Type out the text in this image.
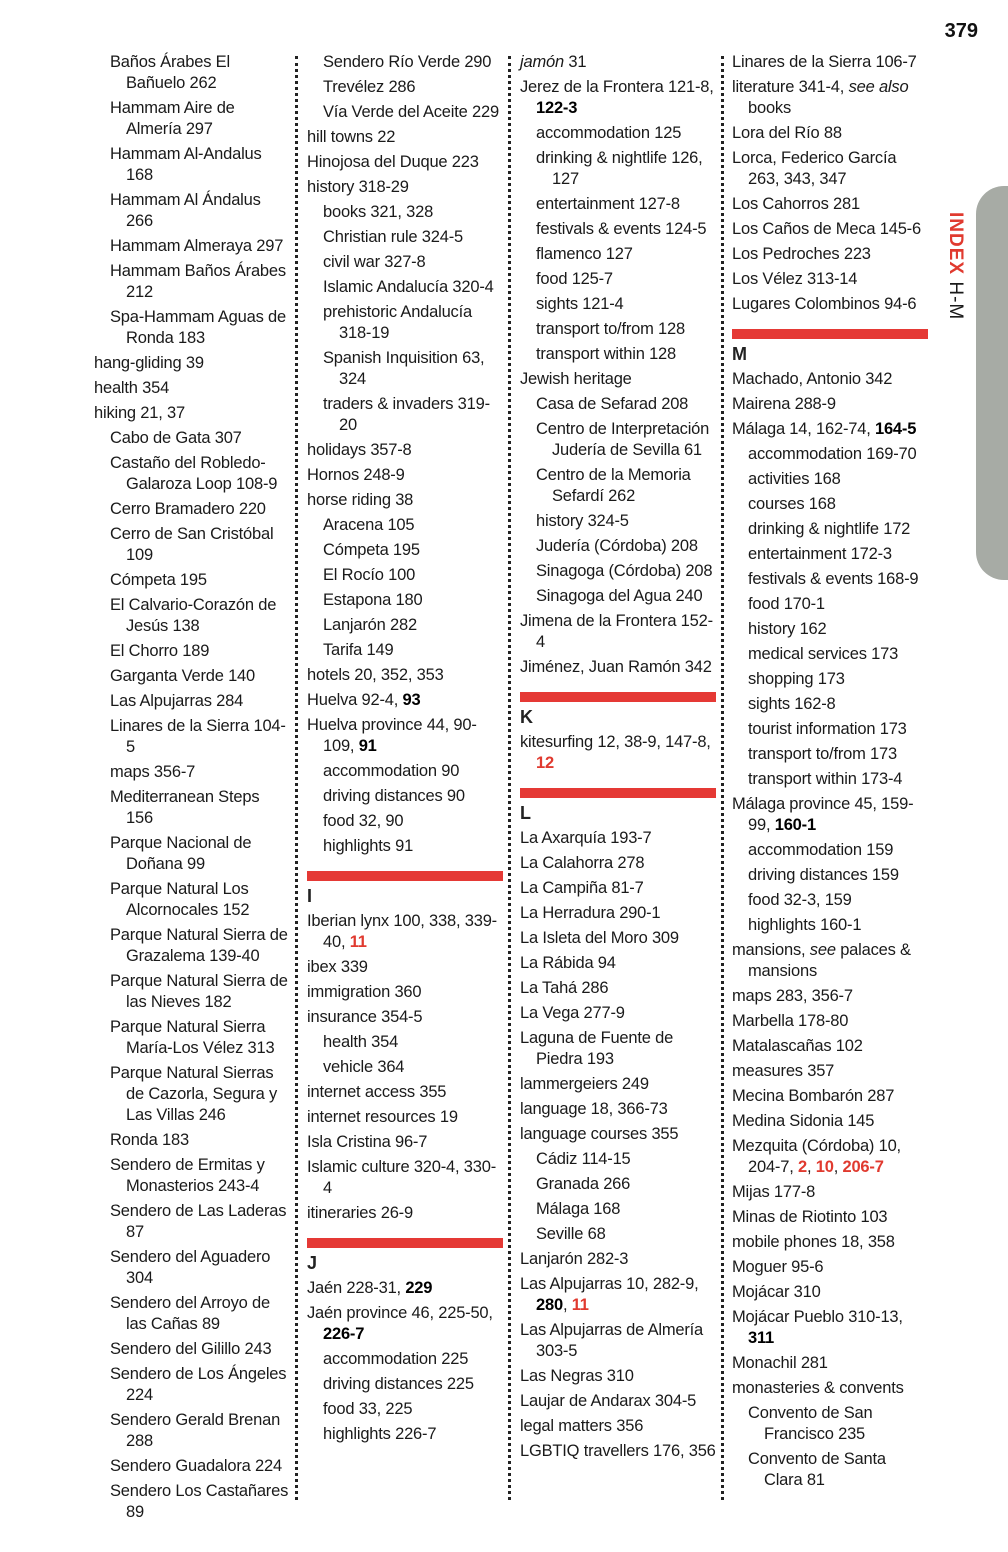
379
INDEX H-M
Baños Árabes El Bañuelo 262
Hammam Aire de Almería 297
Hammam Al-Andalus 168
Hammam Al Ándalus 266
Hammam Almeraya 297
Hammam Baños Árabes 212
Spa-Hammam Aguas de Ronda 183
hang-gliding 39
health 354
hiking 21, 37
Cabo de Gata 307
Castaño del Robledo-Galaroza Loop 108-9
Cerro Bramadero 220
Cerro de San Cristóbal 109
Cómpeta 195
El Calvario-Corazón de Jesús 138
El Chorro 189
Garganta Verde 140
Las Alpujarras 284
Linares de la Sierra 104-5
maps 356-7
Mediterranean Steps 156
Parque Nacional de Doñana 99
Parque Natural Los Alcornocales 152
Parque Natural Sierra de Grazalema 139-40
Parque Natural Sierra de las Nieves 182
Parque Natural Sierra María-Los Vélez 313
Parque Natural Sierras de Cazorla, Segura y Las Villas 246
Ronda 183
Sendero de Ermitas y Monasterios 243-4
Sendero de Las Laderas 87
Sendero del Aguadero 304
Sendero del Arroyo de las Cañas 89
Sendero del Gilillo 243
Sendero de Los Ángeles 224
Sendero Gerald Brenan 288
Sendero Guadalora 224
Sendero Los Castañares 89
Sendero Río Verde 290
Trevélez 286
Vía Verde del Aceite 229
hill towns 22
Hinojosa del Duque 223
history 318-29
books 321, 328
Christian rule 324-5
civil war 327-8
Islamic Andalucía 320-4
prehistoric Andalucía 318-19
Spanish Inquisition 63, 324
traders & invaders 319-20
holidays 357-8
Hornos 248-9
horse riding 38
Aracena 105
Cómpeta 195
El Rocío 100
Estapona 180
Lanjarón 282
Tarifa 149
hotels 20, 352, 353
Huelva 92-4, 93
Huelva province 44, 90-109, 91
accommodation 90
driving distances 90
food 32, 90
highlights 91
I
Iberian lynx 100, 338, 339-40, 11
ibex 339
immigration 360
insurance 354-5
health 354
vehicle 364
internet access 355
internet resources 19
Isla Cristina 96-7
Islamic culture 320-4, 330-4
itineraries 26-9
J
Jaén 228-31, 229
Jaén province 46, 225-50, 226-7
accommodation 225
driving distances 225
food 33, 225
highlights 226-7
jamón 31
Jerez de la Frontera 121-8, 122-3
accommodation 125
drinking & nightlife 126, 127
entertainment 127-8
festivals & events 124-5
flamenco 127
food 125-7
sights 121-4
transport to/from 128
transport within 128
Jewish heritage
Casa de Sefarad 208
Centro de Interpretación Judería de Sevilla 61
Centro de la Memoria Sefardí 262
history 324-5
Judería (Córdoba) 208
Sinagoga (Córdoba) 208
Sinagoga del Agua 240
Jimena de la Frontera 152-4
Jiménez, Juan Ramón 342
K
kitesurfing 12, 38-9, 147-8, 12
L
La Axarquía 193-7
La Calahorra 278
La Campiña 81-7
La Herradura 290-1
La Isleta del Moro 309
La Rábida 94
La Tahá 286
La Vega 277-9
Laguna de Fuente de Piedra 193
lammergeiers 249
language 18, 366-73
language courses 355
Cádiz 114-15
Granada 266
Málaga 168
Seville 68
Lanjarón 282-3
Las Alpujarras 10, 282-9, 280, 11
Las Alpujarras de Almería 303-5
Las Negras 310
Laujar de Andarax 304-5
legal matters 356
LGBTIQ travellers 176, 356
Linares de la Sierra 106-7
literature 341-4, see also books
Lora del Río 88
Lorca, Federico García 263, 343, 347
Los Cahorros 281
Los Caños de Meca 145-6
Los Pedroches 223
Los Vélez 313-14
Lugares Colombinos 94-6
M
Machado, Antonio 342
Mairena 288-9
Málaga 14, 162-74, 164-5
accommodation 169-70
activities 168
courses 168
drinking & nightlife 172
entertainment 172-3
festivals & events 168-9
food 170-1
history 162
medical services 173
shopping 173
sights 162-8
tourist information 173
transport to/from 173
transport within 173-4
Málaga province 45, 159-99, 160-1
accommodation 159
driving distances 159
food 32-3, 159
highlights 160-1
mansions, see palaces & mansions
maps 283, 356-7
Marbella 178-80
Matalascañas 102
measures 357
Mecina Bombarón 287
Medina Sidonia 145
Mezquita (Córdoba) 10, 204-7, 2, 10, 206-7
Mijas 177-8
Minas de Riotinto 103
mobile phones 18, 358
Moguer 95-6
Mojácar 310
Mojácar Pueblo 310-13, 311
Monachil 281
monasteries & convents
Convento de San Francisco 235
Convento de Santa Clara 81
